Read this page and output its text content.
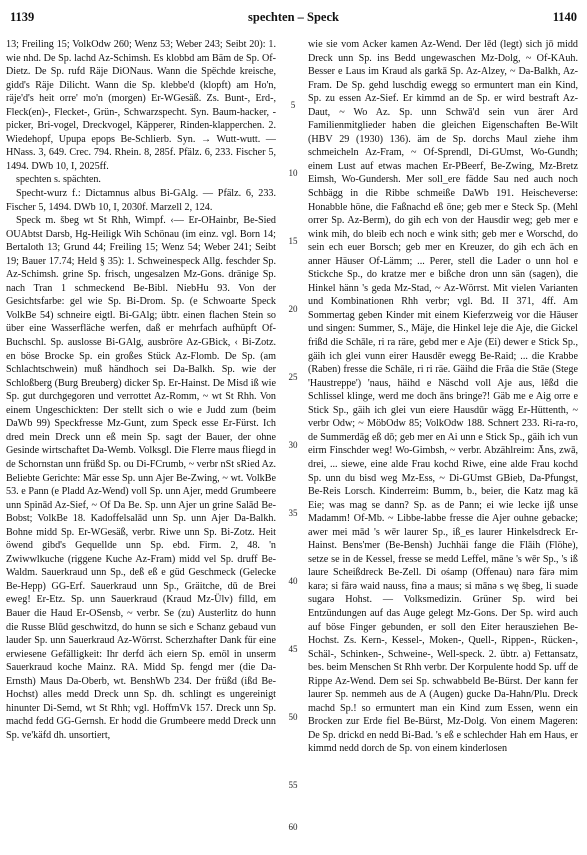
1139	spechten – Speck	1140

13; Freiling 15; VolkOdw 260; Wenz 53; Weber 243; Seibt 20): 1. wie nhd. De Sp. lachd Az-Schimsh. Es klobbd am Bäm de Sp. Of-Dietz. De Sp. rufd Räje DiONaus. Wann die Spëchde kreische, gidd's Räje Dilicht. Wann die Sp. klebbe'd (klopft) am Ho'n, räje'd's heit orre' mo'n (morgen) Er-WGesäß. Zs. Bunt-, Erd-, Fleck(en)-, Flecket-, Grün-, Schwarzspecht. Syn. Baum-hacker, -picker, Bri-vogel, Dreckvogel, Käpperer, Rinden-klapperchen. 2. Wiedehopf, Upupa epops Be-Schlierb. Syn. → Wutt-wutt. — HNass. 3, 649. Crec. 794. Rhein. 8, 285f. Pfälz. 6, 233. Fischer 5, 1494. DWb 10, I, 2025ff.

spechten s. spächten.

Specht-wurz f.: Dictamnus albus Bi-GAlg. — Pfälz. 6, 233. Fischer 5, 1494. DWb 10, I, 2030f. Marzell 2, 124.

Speck m. šbeg wt St Rhh, Wimpf. ‹— Er-OHainbr, Be-Sied OUAbtst Darsb, Hg-Heiligk Wih Schönau (im einz. vgl. Born 14; Bertaloth 13; Grund 44; Freiling 15; Wenz 54; Weber 241; Seibt 19; Bauer 17.74; Held § 35): 1. Schweinespeck Allg. feschder Sp. Az-Schimsh. grine Sp. frisch, ungesalzen Mz-Gons. dränige Sp. nach Tran 1 schmeckend Be-Bibl. NiebHu 93. Von der Gesichtsfarbe: gel wie Sp. Bi-Drom. Sp. (e Schwoarte Speck VolkBe 54) schneire eigtl. Bi-GAlg; übtr. einen flachen Stein so über eine Wasserfläche werfen, daß er mehrfach aufhüpft Of-Buchschl. Sp. auslosse Bi-GAlg, ausbröre Az-GBick, ‹ Bi-Zotz. en böse Brocke Sp. ein großes Stück Az-Flomb. De Sp. (am Schlachtschwein) muß händhoch sei Da-Balkh. Sp. wie der Schloßberg (Burg Breuberg) dicker Sp. Er-Hainst. De Misd iß wie Sp. gut durchgegoren und verrottet Az-Romm, ~ wt St Rhh. Von einem Ungeschickten: Der stellt sich o wie e Judd zum (beim DaWb 99) Speckfresse Mz-Gunt, zum Speck esse Er-Fürst. Ich dred mein Dreck unn eß mein Sp. sagt der Bauer, der ohne Gesinde wirtschaftet Da-Wemb. Volksgl. Die Flerre maus fliegd in de Schornstan unn früßd Sp. ou Di-FCrumb, ~ verbr nSt sRied Az. Beliebte Gerichte: Mär esse Sp. unn Ajer Be-Zwing, ~ wt. VolkBe 53. e Pann (e Pladd Az-Wend) voll Sp. unn Ajer, medd Grumbeere unn Spinād Az-Sief, ~ Of Da Be. Sp. unn Ajer un grine Salād Be-Bobst; VolkBe 18. Kadoffelsalād unn Sp. unn Ajer Da-Balkh. Bohne midd Sp. Er-WGesäß, verbr. Riwe unn Sp. Bi-Zotz. Heit öwend gibd's Gequellde unn Sp. ebd. Firm. 2, 48. 'n Zwiwwlkuche (riggene Kuche Az-Fram) midd vel Sp. druff Be-Waldm. Sauerkraud unn Sp., deß eß e güd Geschmeck (Gelecke Be-Hepp) GG-Erf. Sauerkraud unn Sp., Gräitche, dū de Brei eweg! Er-Etz. Sp. unn Sauerkraud (Kraud Mz-Ülv) filld, em Bauer die Haud Er-OSensb, ~ verbr. Se (zu) Austerlitz do hunn die Russe Blūd geschwitzd, do hunn se sich e Schanz gebaud vun lauder Sp. unn Sauerkraud Az-Wörrst. Scherzhafter Dank für eine erwiesene Gefälligkeit: Ihr derfd äch eiern Sp. emöl in unserm Sauerkraud koche Mainz. RA. Midd Sp. fengd mer (die Da-Ernsth) Maus Da-Oberb, wt. BenshWb 234. Der früßd (ißd Be-Hochst) alles medd Dreck unn Sp. dh. schlingt es ungereinigt hinunter Di-Semd, wt St Rhh; vgl. HoffmVk 157. Dreck unn Sp. machd fedd GG-Gernsh. Er hodd die Grumbeere medd Dreck unn Sp. ve'käfd dh. unsortiert,

5
10
15
20
25
30
35
40
45
50
55
60

wie sie vom Acker kamen Az-Wend. Der lēd (legt) sich jō midd Dreck unn Sp. ins Bedd ungewaschen Mz-Dolg, ~ Of-KAuh. Besser e Laus im Kraud als garkā Sp. Az-Alzey, ~ Da-Balkh, Az-Fram. De Sp. gehd luschdig ewegg so ermuntert man ein Kind, Sp. zu essen Az-Sief. Er kimmd an de Sp. er wird bestraft Az-Daut, ~ Wo Az. Sp. unn Schwā'd sein vun ärer Ard Familienmitglieder haben die gleichen Eigenschaften Be-Wilt (HBV 29 (1930) 136). äm de Sp. dorchs Maul ziehe ihm schmeicheln Az-Fram, ~ Of-Sprendl, Di-GUmst, Wo-Gundh; einem Lust auf etwas machen Er-PBeerf, Be-Zwing, Mz-Bretz Eimsh, Wo-Gundersh. Mer soll_ere fädde Sau ned auch noch Schbägg in die Ribbe schmeiße DaWb 191. Heischeverse: Honabble höne, die Faßnachd eß öne; geb mer e Steck Sp. (Mehl orrer Sp. Az-Berm), do gih ech von der Hausdir weg; geb mer e wink mih, do bleib ech noch e wink sith; geb mer e Worschd, do sein ech euer Borsch; geb mer en Kreuzer, do gih ech äch en anner Häuser Of-Lämm; ... Perer, stell die Lader o unn hol e Stickche Sp., do kratze mer e bißche dron unn sän (sagen), die Hinkel hänn 's geda Mz-Stad, ~ Az-Wörrst. Mit vielen Varianten und Kombinationen Rhh verbr; vgl. Bd. II 371, 4ff. Am Sommertag geben Kinder mit einem Kieferzweig vor die Häuser und singen: Summer, S., Mäje, die Hinkel leje die Aje, die Gickel frißd die Schāle, ri ra räre, gebd mer e Aje (Ei) dewer e Stick Sp., gäih ich glei vunn eirer Hausdēr ewegg Be-Raid; ... die Krabbe (Raben) fresse die Schāle, ri ri räe. Gäihd die Frāa die Stāe (Stege 'Haustreppe') 'naus, häihd e Näschd voll Aje aus, lēßd die Schlissel klinge, werd me doch āns bringe?! Gäb me e Aig orre e Stick Sp., gäih ich glei vun eiere Hausdūr wägg Er-Hüttenth, ~ verbr Odw; ~ MöbOdw 85; VolkOdw 188. Schnert 233. Ri-ra-ro, de Summerdāg eß dō; geb mer en Ai unn e Stick Sp., gäih ich vun eirm Finschder weg! Wo-Gimbsh, ~ verbr. Abzählreim: Āns, zwā, drei, ... siewe, eine alde Frau kochd Riwe, eine alde Frau kochd Sp. unn du bisd weg Mz-Ess, ~ Di-GUmst GBieb, Da-Pfungst, Be-Reis Lorsch. Kinderreim: Bumm, b., beier, die Katz mag kā Eie; was mag se dann? Sp. as de Pann; ei wie lecke ijß unse Madamm! Of-Mb. ~ Libbe-labbe fresse die Ajer ouhne gebacke; awer mei mād 's wēr laurer Sp., iß_es laurer Hinkelsdreck Er-Hainst. Bens'mer (Be-Bensh) Juchhäi fange die Flāih (Flöhe), setze se in de Kessel, fresse se medd Leffel, māne 's wēr Sp., 's iß laure Scheißdreck Be-Zell. Di ośamp (Offenau) narə färə mim karə; si färə waid nauss, finə a maus; si mānə s wę šbeg, li suəde sugarə Hohst. — Volksmedizin. Grüner Sp. wird bei Entzündungen auf das Auge gelegt Mz-Gons. Der Sp. wird auch auf böse Finger gebunden, er soll den Eiter herausziehen Be-Hochst. Zs. Kern-, Kessel-, Moken-, Quell-, Rippen-, Rücken-, Schäl-, Schinken-, Schweine-, Well-speck. 2. übtr. a) Fettansatz, bes. beim Menschen St Rhh verbr. Der Korpulente hodd Sp. uff de Rippe Az-Wend. Dem sei Sp. schwabbeld Be-Bürst. Der kann fer laurer Sp. nemmeh aus de A (Augen) gucke Da-Hahn/Plu. Dreck machd Sp.! so ermuntert man ein Kind zum Essen, wenn ein Brocken zur Erde fiel Be-Bürst, Mz-Dolg. Von einem Mageren: De Sp. drickd en nedd Bi-Bad. 's eß e schlechder Hah em Haus, er kimmd nedd dorch de Sp. von einem kinderlosen
